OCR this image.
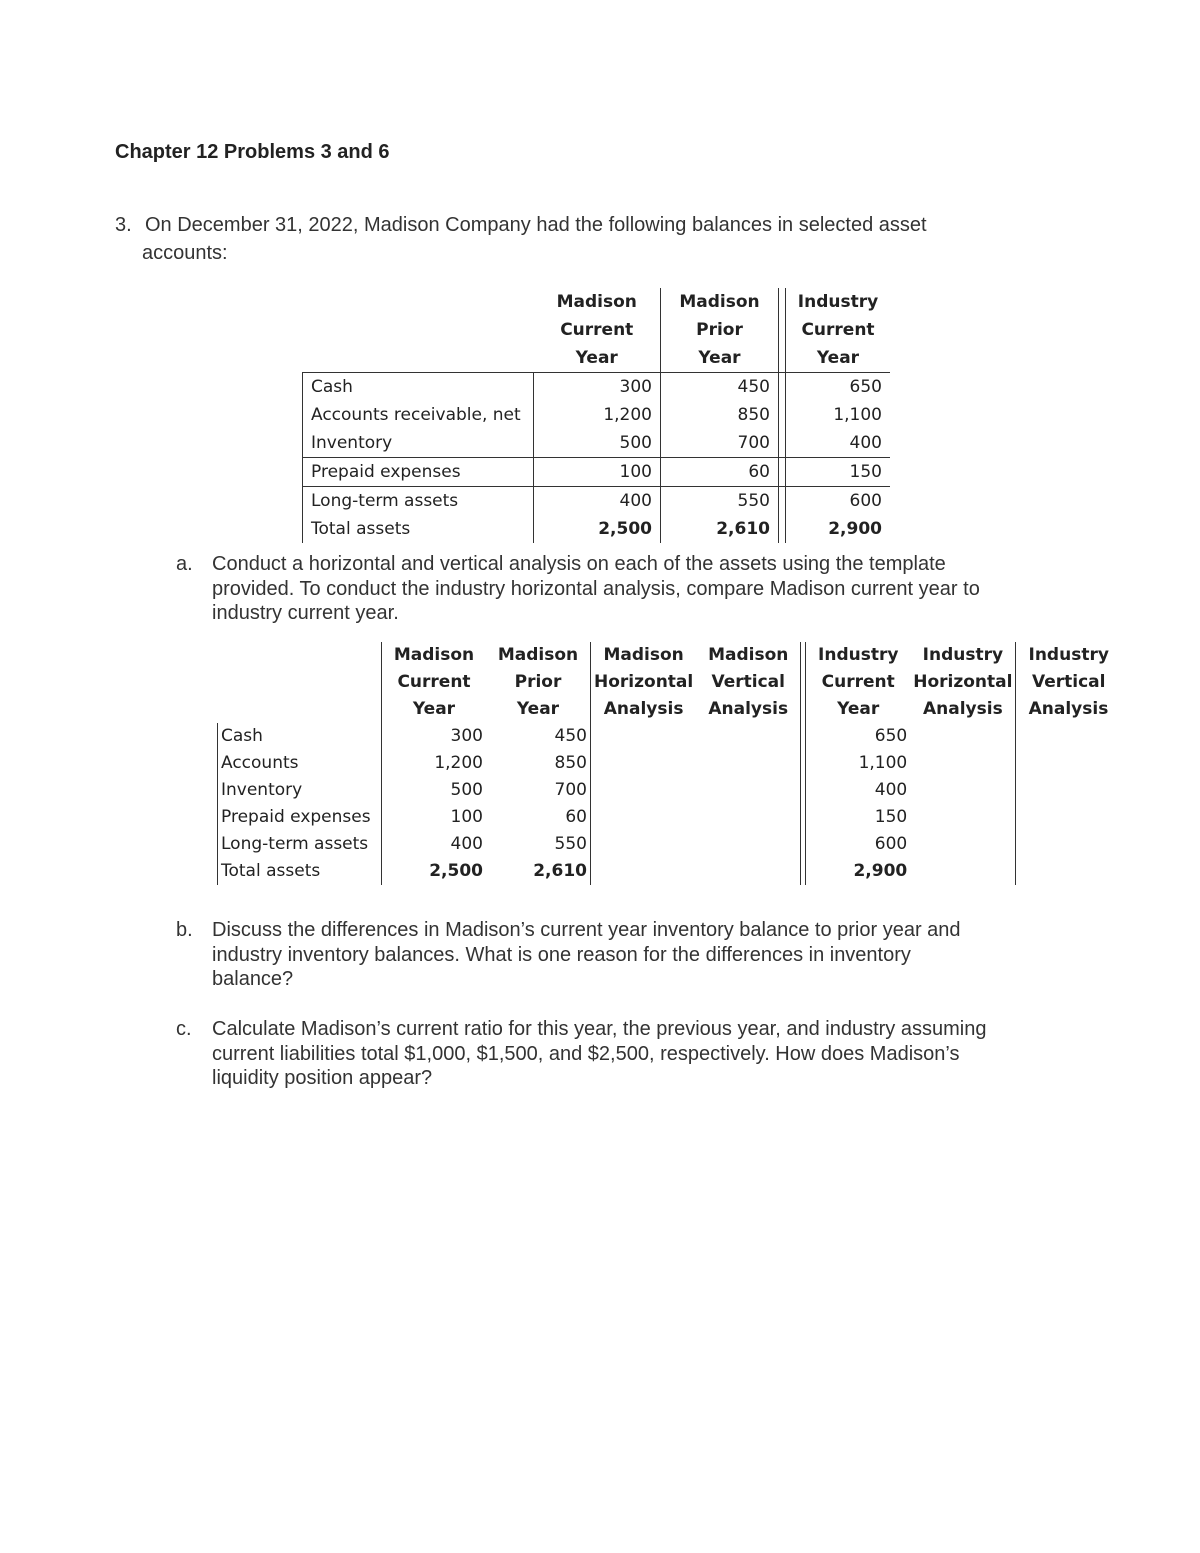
Chapter 12 Problems 3 and 6
3. On December 31, 2022, Madison Company had the following balances in selected asset
accounts:
	Madison	Madison		Industry
	Current	Prior		Current
	Year	Year		Year
Cash	300	450		650
Accounts receivable, net	1,200	850		1,100
Inventory	500	700		400
Prepaid expenses	100	60		150
Long-term assets	400	550		600
Total assets	2,500	2,610		2,900
a. Conduct a horizontal and vertical analysis on each of the assets using the template
provided. To conduct the industry horizontal analysis, compare Madison current year to
industry current year.
	Madison	Madison	Madison	Madison		Industry	Industry	Industry
	Current	Prior	Horizontal	Vertical		Current	Horizontal	Vertical
	Year	Year	Analysis	Analysis		Year	Analysis	Analysis
Cash	300	450				650		
Accounts	1,200	850				1,100		
Inventory	500	700				400		
Prepaid expenses	100	60				150		
Long-term assets	400	550				600		
Total assets	2,500	2,610				2,900		
b. Discuss the differences in Madison’s current year inventory balance to prior year and
industry inventory balances. What is one reason for the differences in inventory
balance?
c. Calculate Madison’s current ratio for this year, the previous year, and industry assuming
current liabilities total $1,000, $1,500, and $2,500, respectively. How does Madison’s
liquidity position appear?
